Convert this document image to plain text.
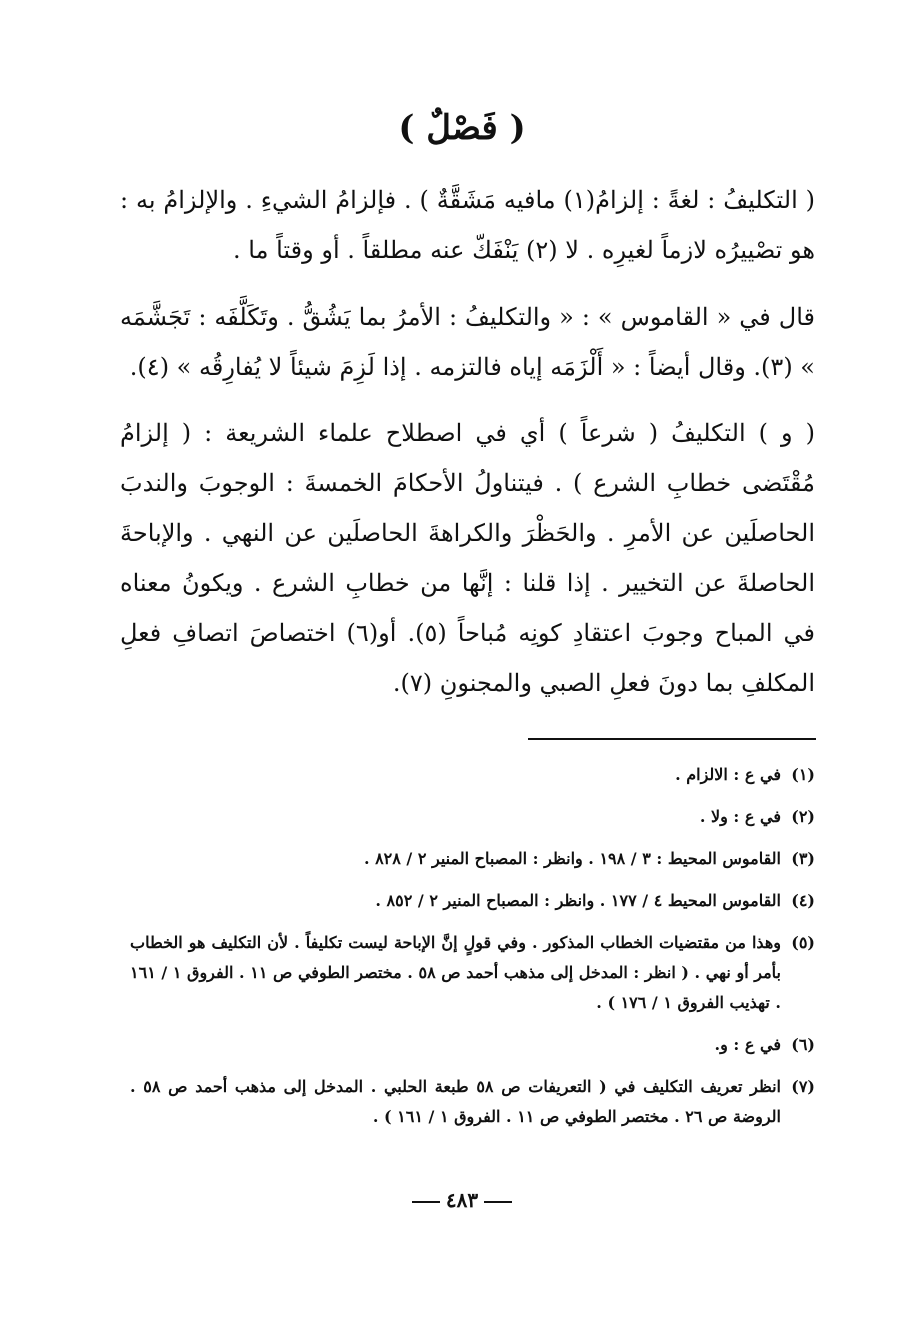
( فَصْلٌ )

( التكليفُ : لغةً : إلزامُ(١) مافيه مَشَقَّةٌ ) . فإلزامُ الشيءِ . والإلزامُ به : هو تصْييرُه لازماً لغيرِه . لا (٢) يَنْفَكّ عنه مطلقاً . أو وقتاً ما .

قال في « القاموس » : « والتكليفُ : الأمرُ بما يَشُقُّ . وتَكَلَّفَه : تَجَشَّمَه » (٣). وقال أيضاً : « أَلْزَمَه إياه فالتزمه . إذا لَزِمَ شيئاً لا يُفارِقُه » (٤).

( و ) التكليفُ ( شرعاً ) أي في اصطلاح علماء الشريعة : ( إلزامُ مُقْتَضى خطابِ الشرع ) . فيتناولُ الأحكامَ الخمسةَ : الوجوبَ والندبَ الحاصلَين عن الأمرِ . والحَظْرَ والكراهةَ الحاصلَين عن النهي . والإباحةَ الحاصلةَ عن التخيير . إذا قلنا : إنَّها من خطابِ الشرع . ويكونُ معناه في المباح وجوبَ اعتقادِ كونِه مُباحاً (٥). أو(٦) اختصاصَ اتصافِ فعلِ المكلفِ بما دونَ فعلِ الصبي والمجنونِ (٧).

(١)
في ع : الالزام .
(٢)
في ع : ولا .
(٣)
القاموس المحيط : ٣ / ١٩٨ . وانظر : المصباح المنير ٢ / ٨٢٨ .
(٤)
القاموس المحيط ٤ / ١٧٧ . وانظر : المصباح المنير ٢ / ٨٥٢ .
(٥)
وهذا من مقتضيات الخطاب المذكور . وفي قولٍ إنَّ الإباحة ليست تكليفاً . لأن التكليف هو الخطاب بأمر أو نهي . ( انظر : المدخل إلى مذهب أحمد ص ٥٨ . مختصر الطوفي ص ١١ . الفروق ١ / ١٦١ . تهذيب الفروق ١ / ١٧٦ ) .
(٦)
في ع : و.
(٧)
انظر تعريف التكليف في ( التعريفات ص ٥٨ طبعة الحلبي . المدخل إلى مذهب أحمد ص ٥٨ . الروضة ص ٢٦ . مختصر الطوفي ص ١١ . الفروق ١ / ١٦١ ) .
٤٨٣
